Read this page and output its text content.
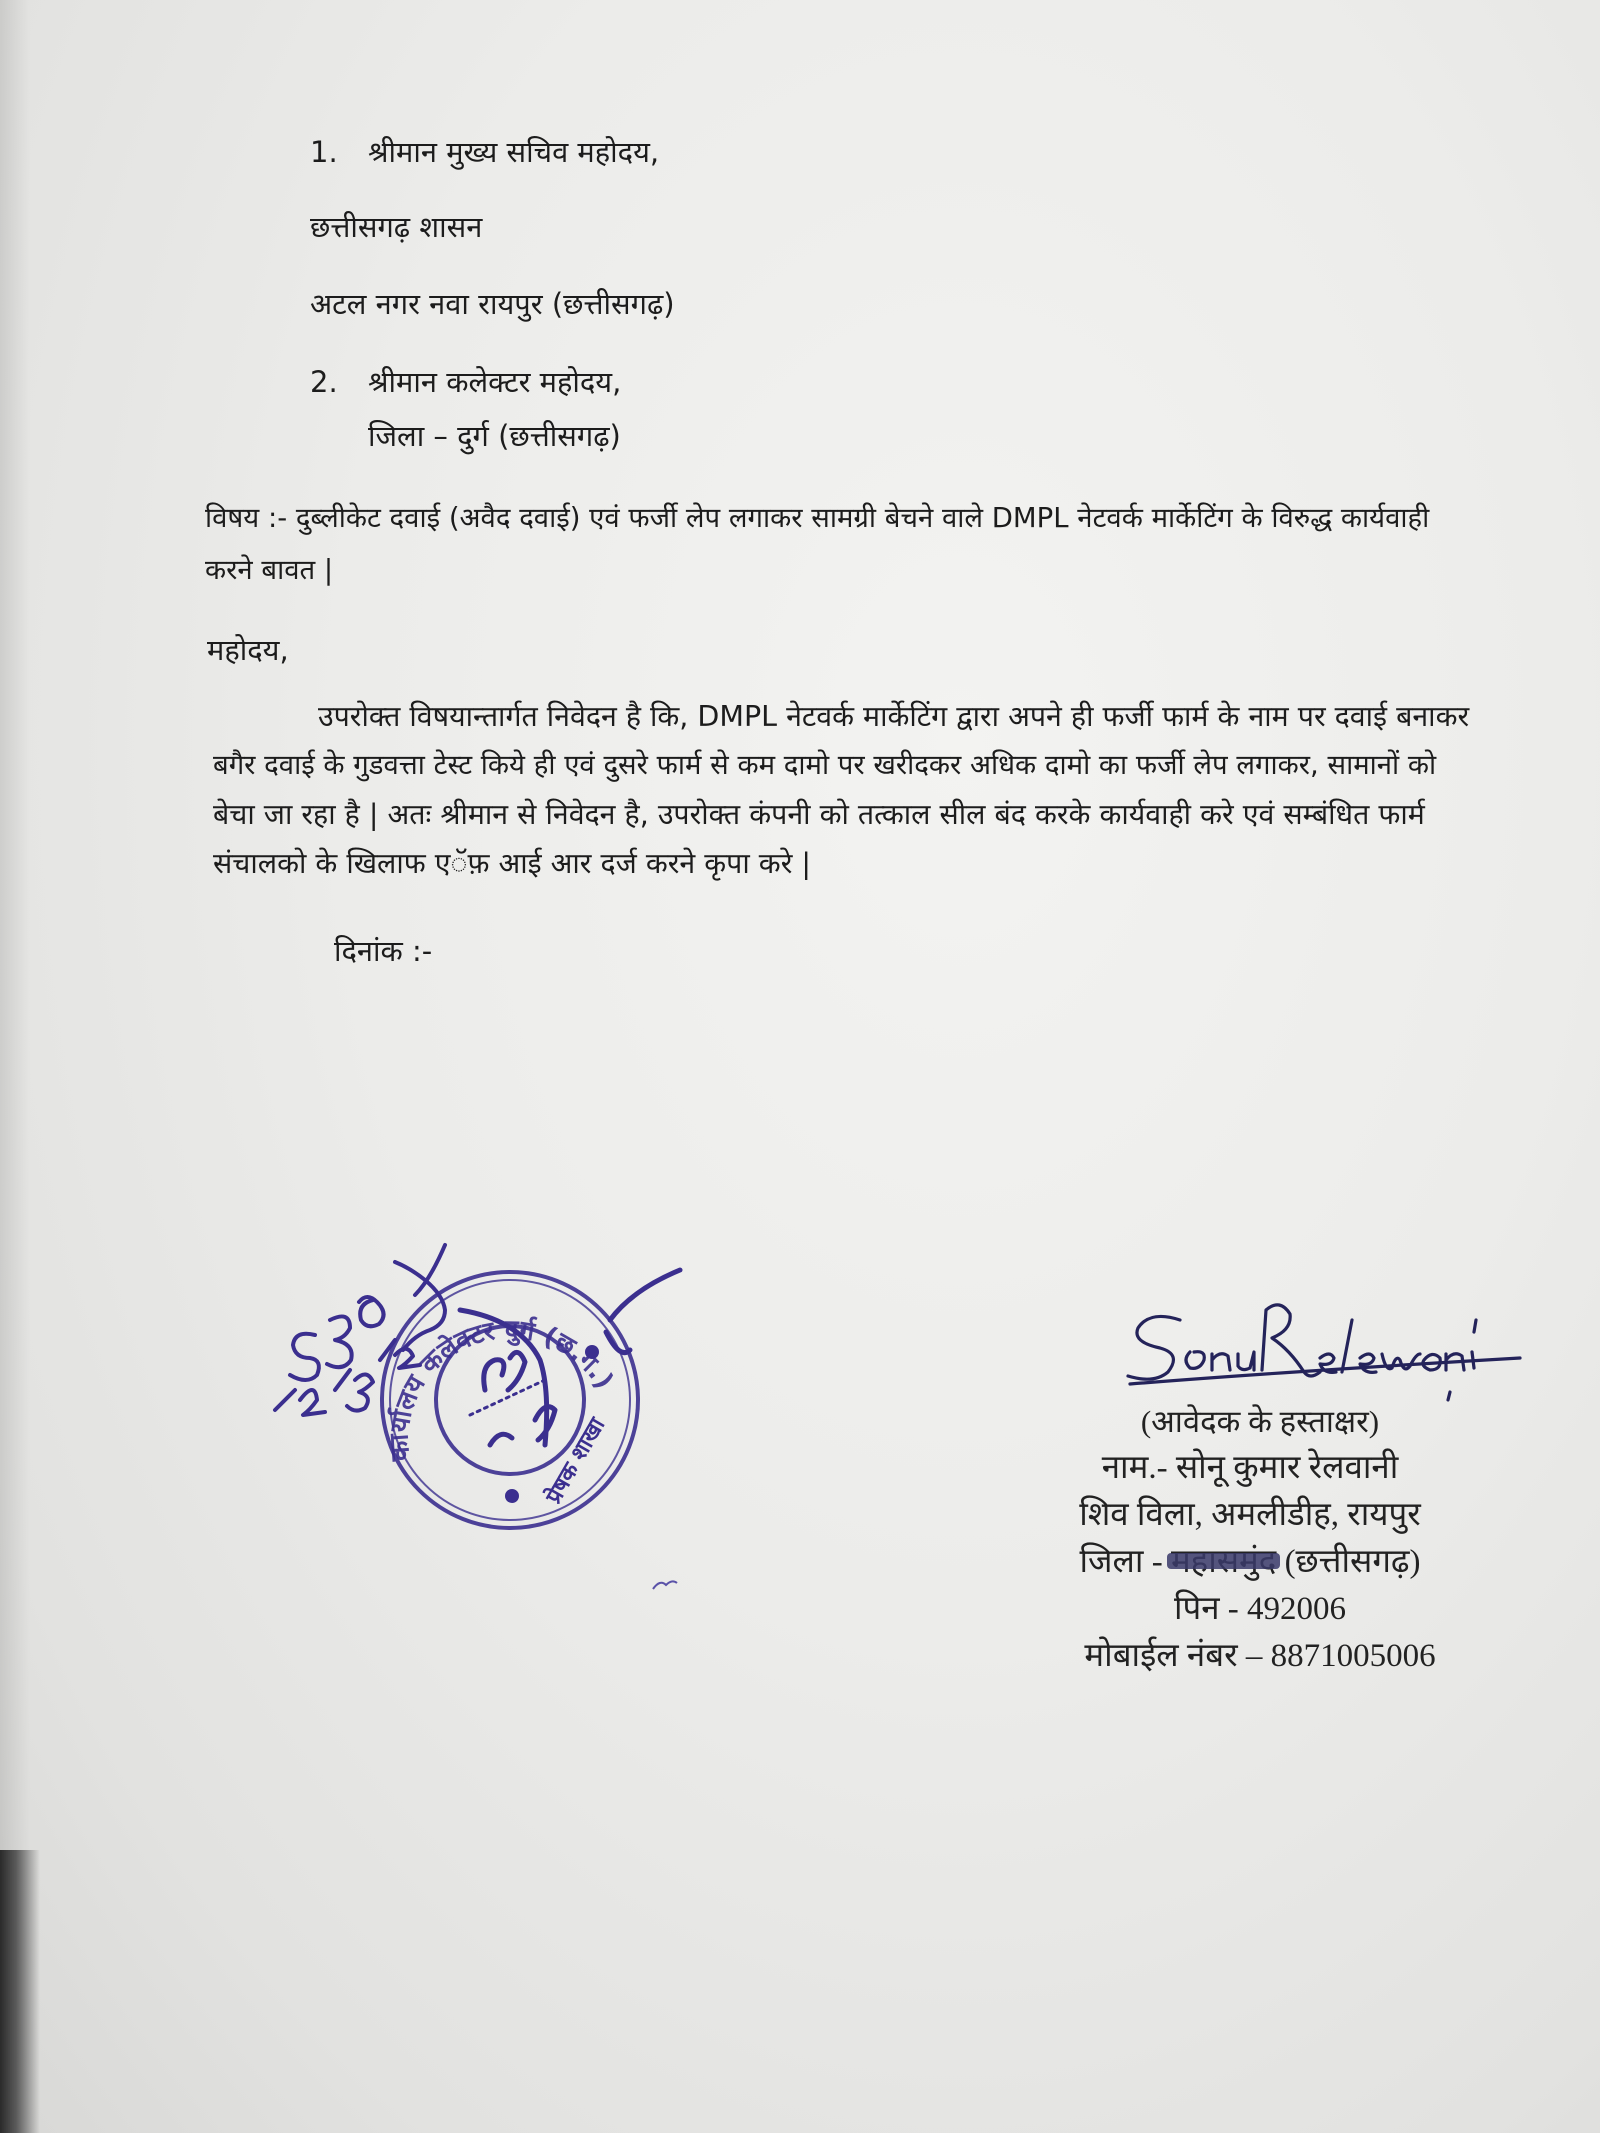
1. श्रीमान मुख्य सचिव महोदय,
छत्तीसगढ़ शासन
अटल नगर नवा रायपुर (छत्तीसगढ़)
2. श्रीमान कलेक्टर महोदय,
जिला – दुर्ग (छत्तीसगढ़)
विषय :- दुब्लीकेट दवाई (अवैद दवाई) एवं फर्जी लेप लगाकर सामग्री बेचने वाले DMPL नेटवर्क मार्केटिंग के विरुद्ध कार्यवाही
करने बावत |
महोदय,
उपरोक्त विषयान्तार्गत निवेदन है कि, DMPL नेटवर्क मार्केटिंग द्वारा अपने ही फर्जी फार्म के नाम पर दवाई बनाकर
बगैर दवाई के गुडवत्ता टेस्ट किये ही एवं दुसरे फार्म से कम दामो पर खरीदकर अधिक दामो का फर्जी लेप लगाकर, सामानों को
बेचा जा रहा है | अतः श्रीमान से निवेदन है, उपरोक्त कंपनी को तत्काल सील बंद करके कार्यवाही करे एवं सम्बंधित फार्म
संचालको के खिलाफ एॅफ़ आई आर दर्ज करने कृपा करे |
दिनांक :-
कार्यालय कलेक्टर दुर्ग (छ.ग.)
प्रेषक शाखा	(आवेदक के हस्ताक्षर)
नाम.- सोनू कुमार रेलवानी
शिव विला, अमलीडीह, रायपुर
जिला -	(छत्तीसगढ़)
पिन - 492006
मोबाईल नंबर – 8871005006
